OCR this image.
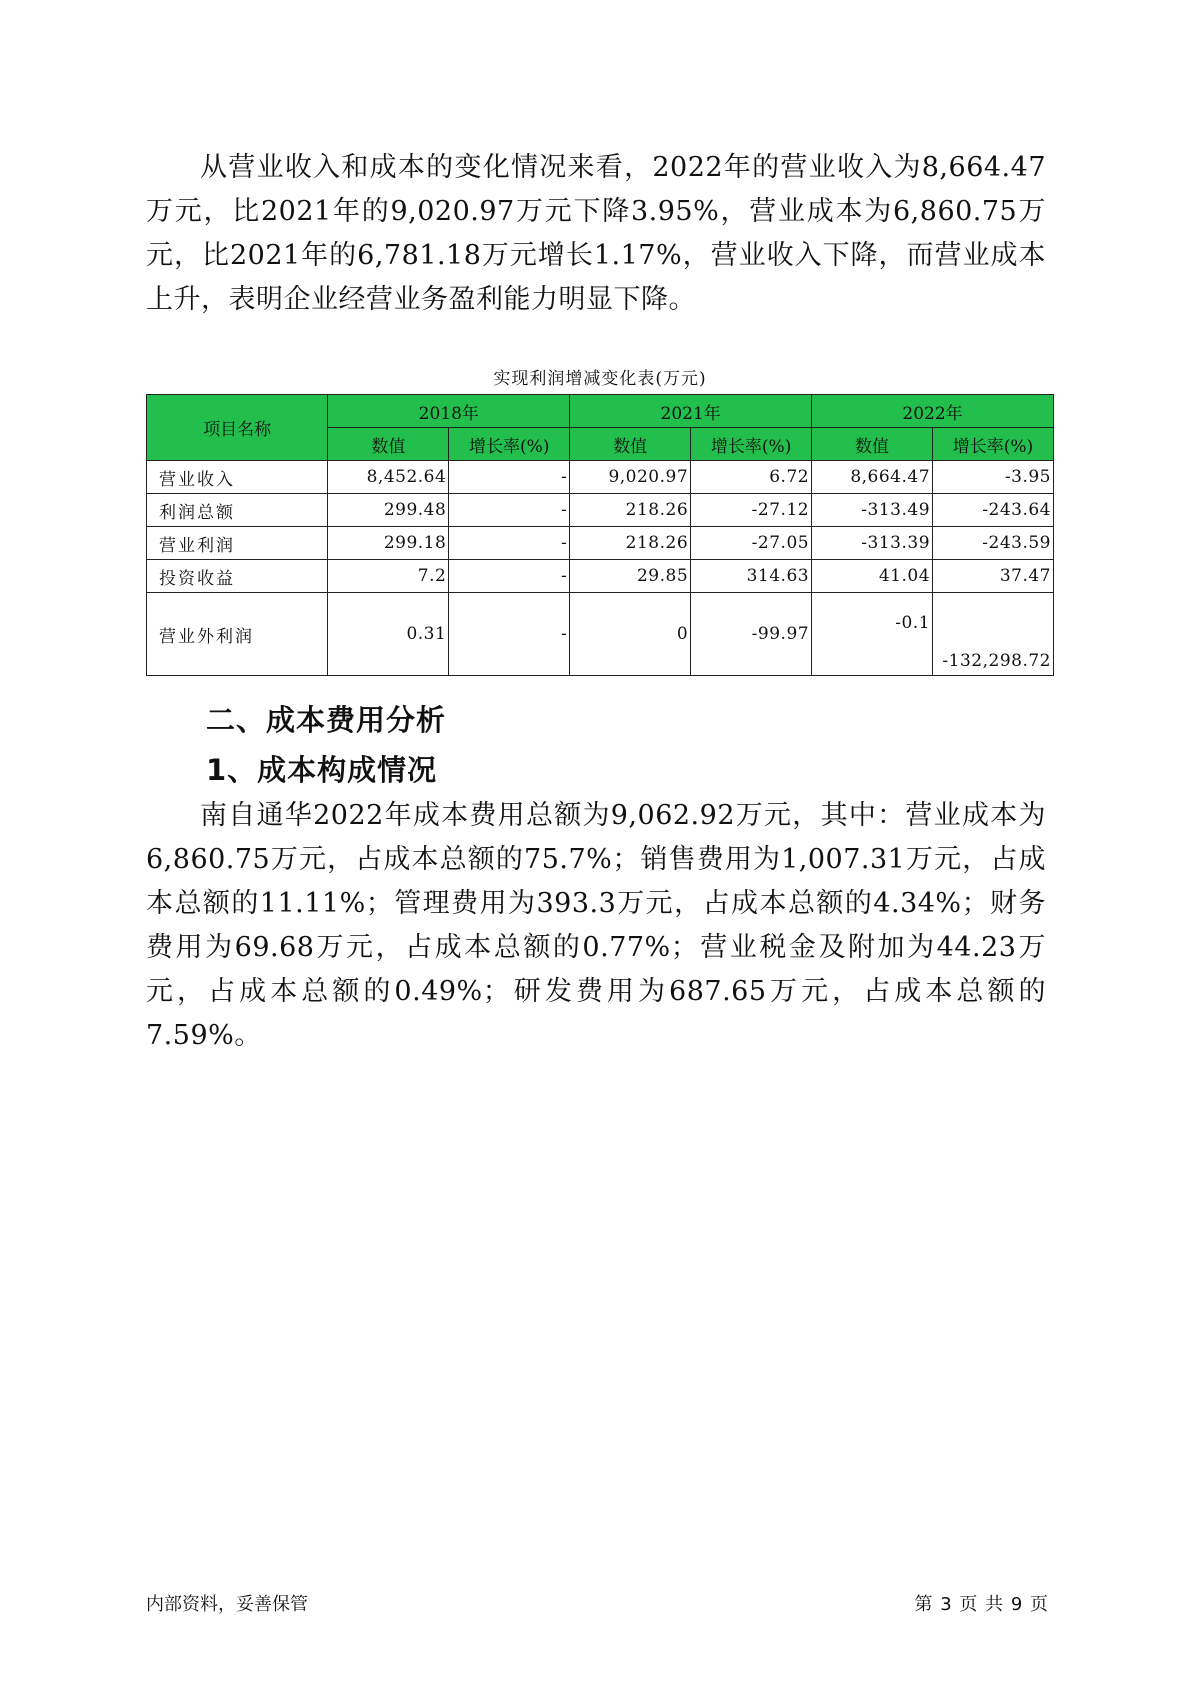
从营业收入和成本的变化情况来看，2022年的营业收入为8,664.47万元，比2021年的9,020.97万元下降3.95%，营业成本为6,860.75万元，比2021年的6,781.18万元增长1.17%，营业收入下降，而营业成本上升，表明企业经营业务盈利能力明显下降。

实现利润增减变化表(万元)
项目名称	2018年		2021年		2022年	
	数值	增长率(%)	数值	增长率(%)	数值	增长率(%)
营业收入	8,452.64	-	9,020.97	6.72	8,664.47	-3.95
利润总额	299.48	-	218.26	-27.12	-313.49	-243.64
营业利润	299.18	-	218.26	-27.05	-313.39	-243.59
投资收益	7.2	-	29.85	314.63	41.04	37.47
营业外利润	0.31	-	0	-99.97	-0.1	-132,298.72
二、成本费用分析
1、成本构成情况

南自通华2022年成本费用总额为9,062.92万元，其中：营业成本为6,860.75万元，占成本总额的75.7%；销售费用为1,007.31万元，占成本总额的11.11%；管理费用为393.3万元，占成本总额的4.34%；财务费用为69.68万元，占成本总额的0.77%；营业税金及附加为44.23万元，占成本总额的0.49%；研发费用为687.65万元，占成本总额的7.59%。

内部资料，妥善保管	第 3 页 共 9 页
